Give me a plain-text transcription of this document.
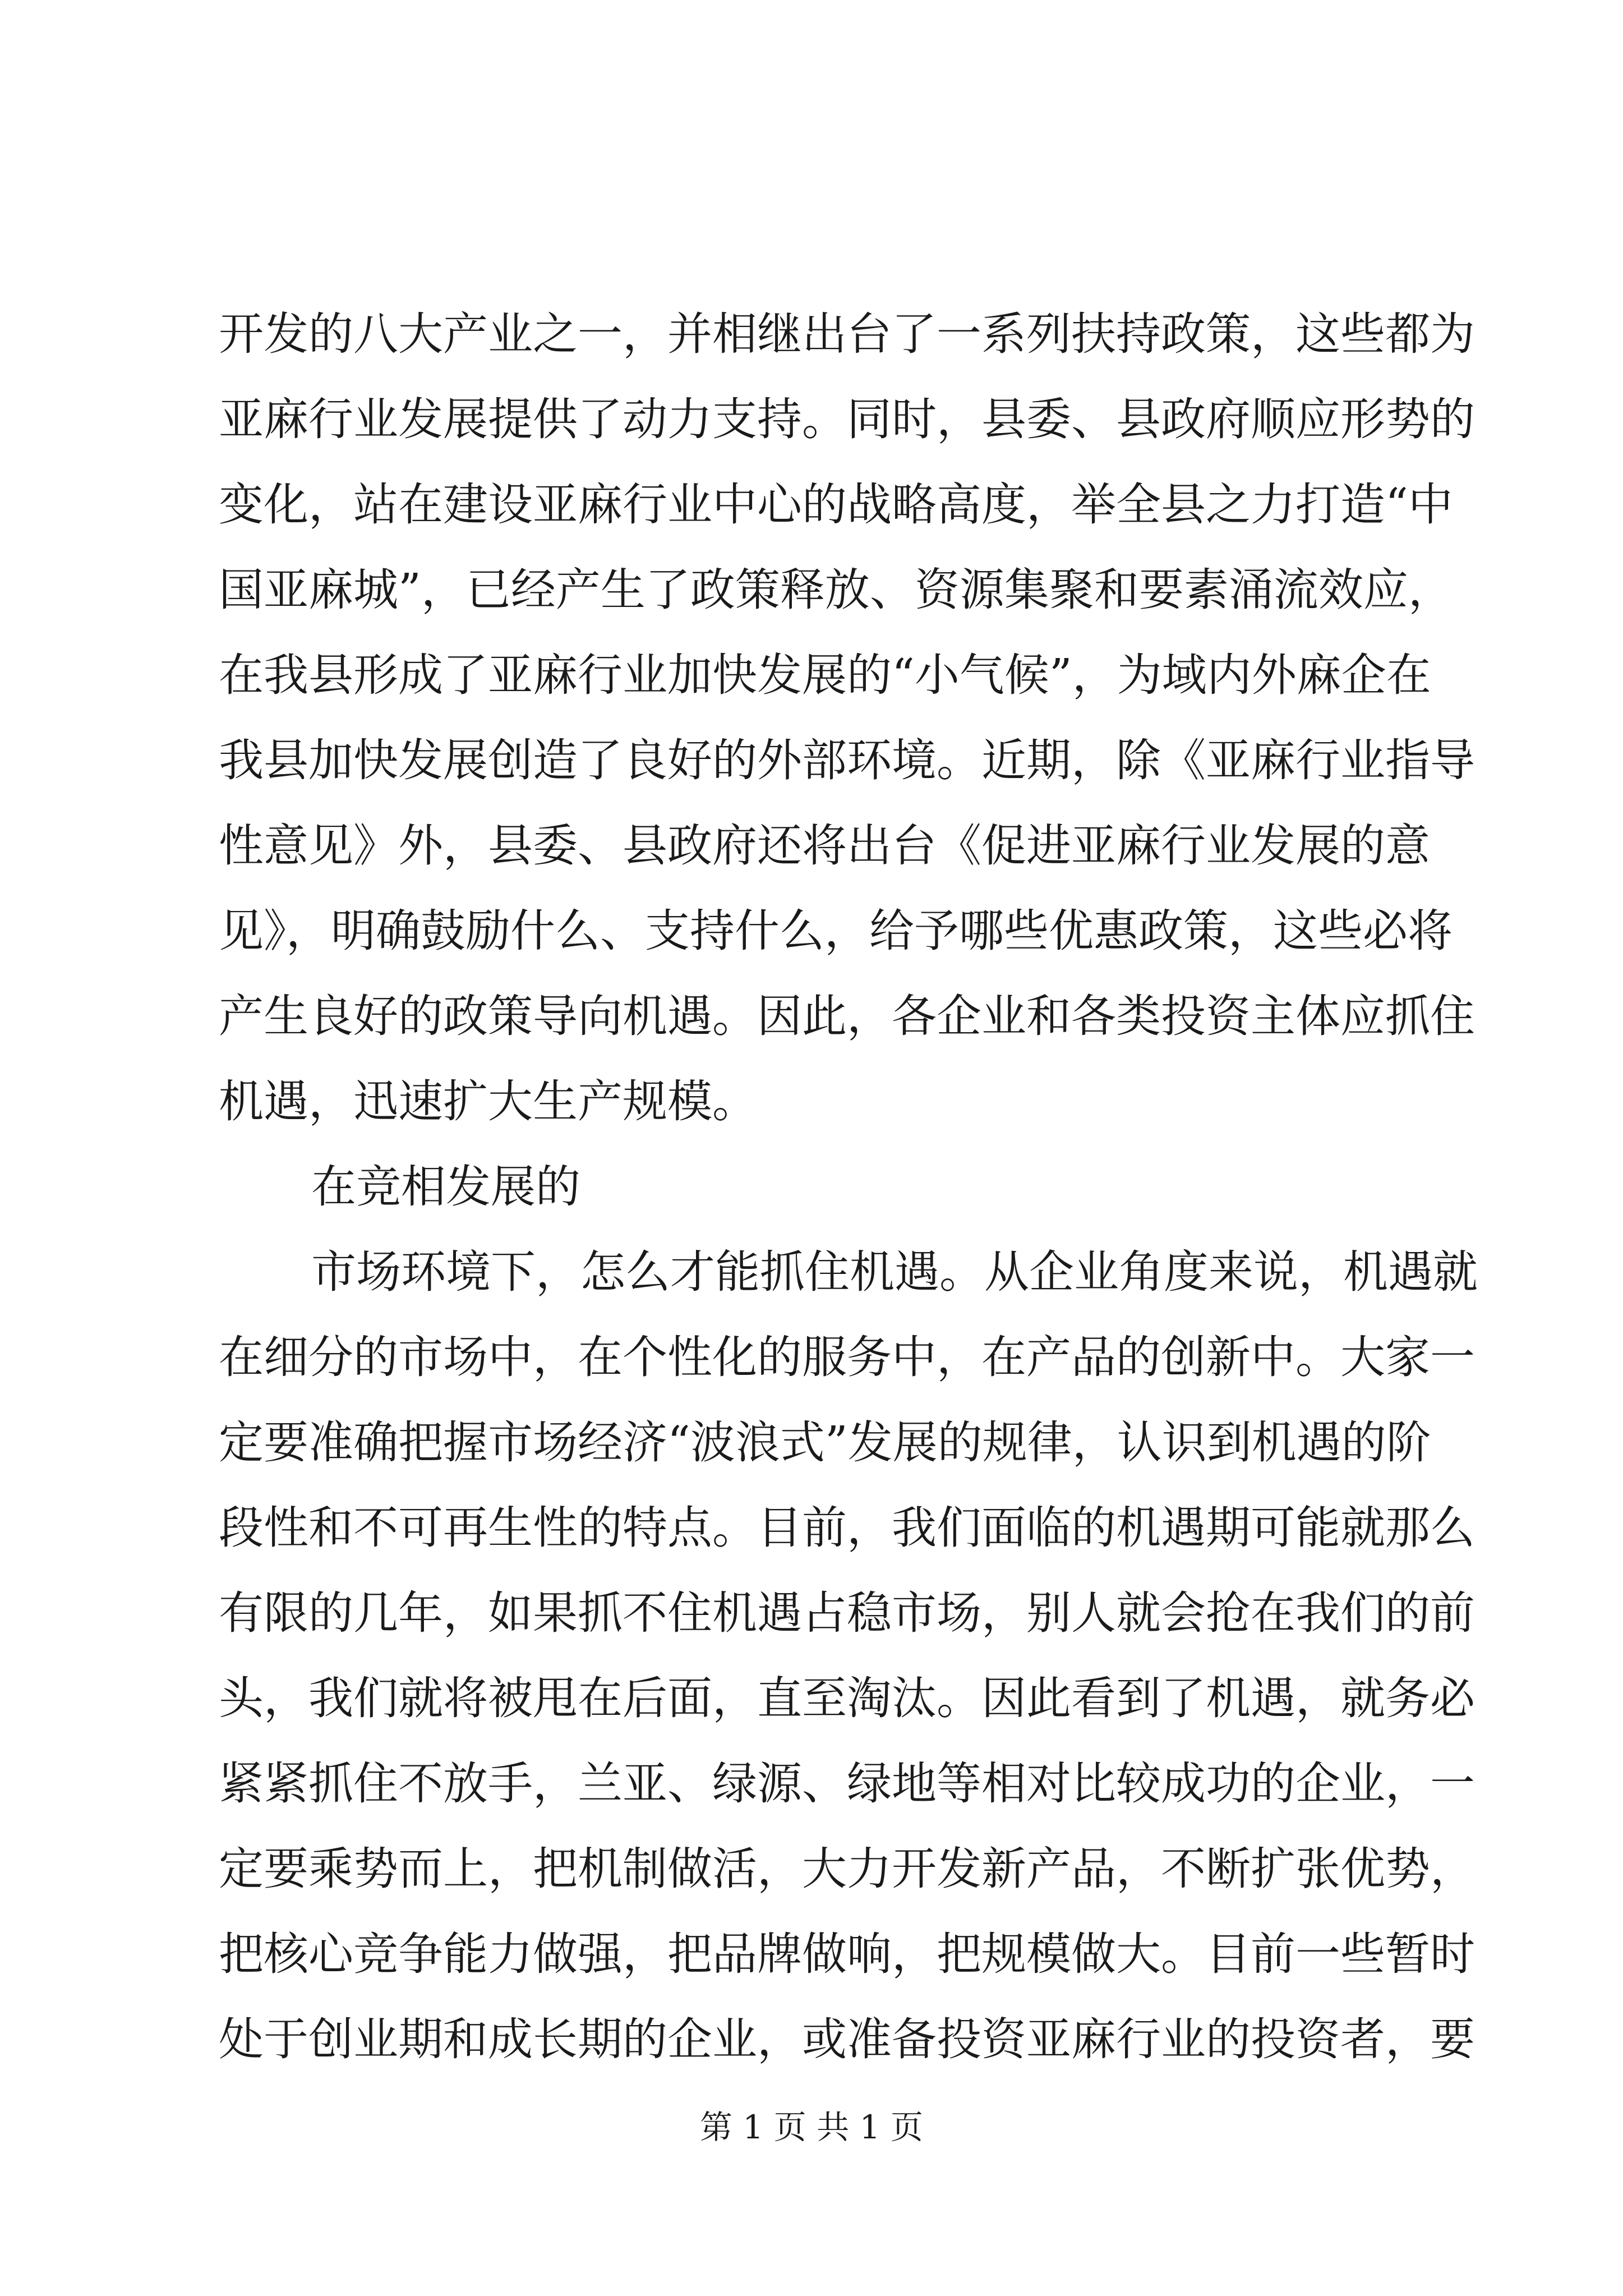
开发的八大产业之一，并相继出台了一系列扶持政策，这些都为
亚麻行业发展提供了动力支持。同时，县委、县政府顺应形势的
变化，站在建设亚麻行业中心的战略高度，举全县之力打造“中
国亚麻城”，已经产生了政策释放、资源集聚和要素涌流效应，
在我县形成了亚麻行业加快发展的“小气候”，为域内外麻企在
我县加快发展创造了良好的外部环境。近期，除《亚麻行业指导
性意见》外，县委、县政府还将出台《促进亚麻行业发展的意
见》，明确鼓励什么、支持什么，给予哪些优惠政策，这些必将
产生良好的政策导向机遇。因此，各企业和各类投资主体应抓住
机遇，迅速扩大生产规模。
在竞相发展的
市场环境下，怎么才能抓住机遇。从企业角度来说，机遇就
在细分的市场中，在个性化的服务中，在产品的创新中。大家一
定要准确把握市场经济“波浪式”发展的规律，认识到机遇的阶
段性和不可再生性的特点。目前，我们面临的机遇期可能就那么
有限的几年，如果抓不住机遇占稳市场，别人就会抢在我们的前
头，我们就将被甩在后面，直至淘汰。因此看到了机遇，就务必
紧紧抓住不放手，兰亚、绿源、绿地等相对比较成功的企业，一
定要乘势而上，把机制做活，大力开发新产品，不断扩张优势，
把核心竞争能力做强，把品牌做响，把规模做大。目前一些暂时
处于创业期和成长期的企业，或准备投资亚麻行业的投资者，要
第 1 页 共 1 页
